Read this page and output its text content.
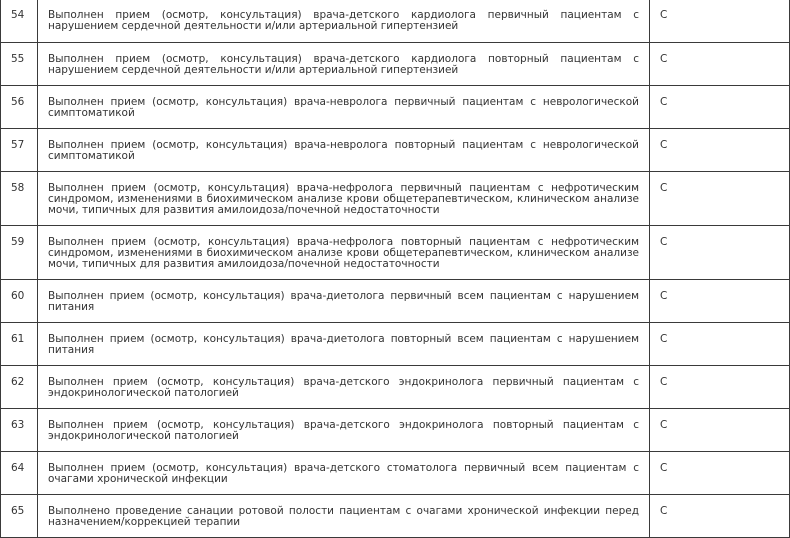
54	Выполнен прием (осмотр, консультация) врача-детского кардиолога первичный пациентам с нарушением сердечной деятельности и/или артериальной гипертензией	С

55	Выполнен прием (осмотр, консультация) врача-детского кардиолога повторный пациентам с нарушением сердечной деятельности и/или артериальной гипертензией	С

56	Выполнен прием (осмотр, консультация) врача-невролога первичный пациентам с неврологической симптоматикой	С

57	Выполнен прием (осмотр, консультация) врача-невролога повторный пациентам с неврологической симптоматикой	С

58	Выполнен прием (осмотр, консультация) врача-нефролога первичный пациентам с нефротическим синдромом, изменениями в биохимическом анализе крови общетерапевтическом, клиническом анализе мочи, типичных для развития амилоидоза/почечной недостаточности	С

59	Выполнен прием (осмотр, консультация) врача-нефролога повторный пациентам с нефротическим синдромом, изменениями в биохимическом анализе крови общетерапевтическом, клиническом анализе мочи, типичных для развития амилоидоза/почечной недостаточности	С

60	Выполнен прием (осмотр, консультация) врача-диетолога первичный всем пациентам с нарушением питания	С

61	Выполнен прием (осмотр, консультация) врача-диетолога повторный всем пациентам с нарушением питания	С

62	Выполнен прием (осмотр, консультация) врача-детского эндокринолога первичный пациентам с эндокринологической патологией	С

63	Выполнен прием (осмотр, консультация) врача-детского эндокринолога повторный пациентам с эндокринологической патологией	С

64	Выполнен прием (осмотр, консультация) врача-детского стоматолога первичный всем пациентам с очагами хронической инфекции	С

65	Выполнено проведение санации ротовой полости пациентам с очагами хронической инфекции перед назначением/коррекцией терапии	С
